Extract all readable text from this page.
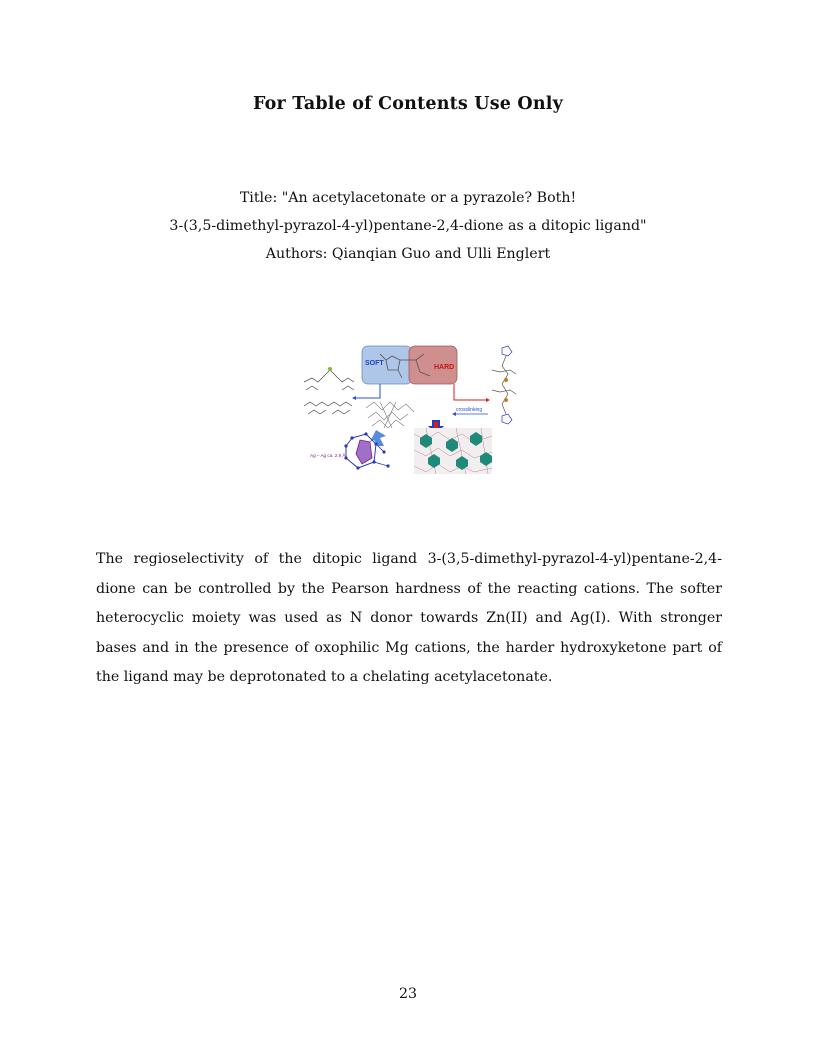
For Table of Contents Use Only
Title: "An acetylacetonate or a pyrazole? Both!
3-(3,5-dimethyl-pyrazol-4-yl)pentane-2,4-dione as a ditopic ligand"
Authors: Qianqian Guo and Ulli Englert
SOFT
HARD
crosslinking
Ag – Ag ca. 2.9 Å

The regioselectivity of the ditopic ligand 3-(3,5-dimethyl-pyrazol-4-yl)pentane-2,4-dione can be controlled by the Pearson hardness of the reacting cations. The softer heterocyclic moiety was used as N donor towards Zn(II) and Ag(I). With stronger bases and in the presence of oxophilic Mg cations, the harder hydroxyketone part of the ligand may be deprotonated to a chelating acetylacetonate.

23
